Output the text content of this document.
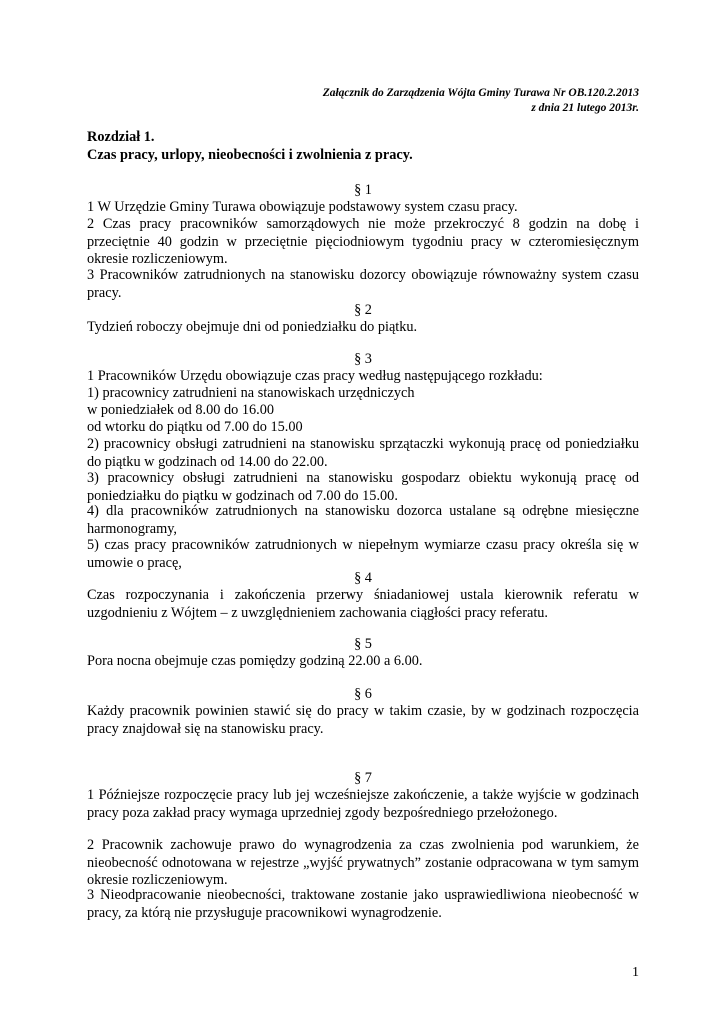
Załącznik do Zarządzenia Wójta Gminy Turawa Nr OB.120.2.2013
z dnia 21 lutego 2013r.
Rozdział 1.
Czas pracy, urlopy, nieobecności i zwolnienia z pracy.
§ 1
1 W Urzędzie Gminy Turawa obowiązuje podstawowy system czasu pracy.
2 Czas pracy pracowników samorządowych nie może przekroczyć 8 godzin na dobę i przeciętnie 40 godzin w przeciętnie pięciodniowym tygodniu pracy w czteromiesięcznym okresie rozliczeniowym.
3 Pracowników zatrudnionych na stanowisku dozorcy obowiązuje równoważny system czasu pracy.
§ 2
Tydzień roboczy obejmuje dni od poniedziałku do piątku.
§ 3
1 Pracowników Urzędu obowiązuje czas pracy według następującego rozkładu:
1) pracownicy zatrudnieni na stanowiskach urzędniczych
w poniedziałek od 8.00 do 16.00
od wtorku do piątku od 7.00 do 15.00
2) pracownicy obsługi zatrudnieni na stanowisku sprzątaczki wykonują pracę od poniedziałku do piątku w godzinach od 14.00 do 22.00.
3) pracownicy obsługi zatrudnieni na stanowisku gospodarz obiektu wykonują pracę od poniedziałku do piątku w godzinach od 7.00 do 15.00.
4) dla pracowników zatrudnionych na stanowisku dozorca ustalane są odrębne miesięczne harmonogramy,
5) czas pracy pracowników zatrudnionych w niepełnym wymiarze czasu pracy określa się w umowie o pracę,
§ 4
Czas rozpoczynania i zakończenia przerwy śniadaniowej ustala kierownik referatu w uzgodnieniu z Wójtem – z uwzględnieniem zachowania ciągłości pracy referatu.
§ 5
Pora nocna obejmuje czas pomiędzy godziną 22.00 a 6.00.
§ 6
Każdy pracownik powinien stawić się do pracy w takim czasie, by w godzinach rozpoczęcia pracy znajdował się na stanowisku pracy.
§ 7
1 Późniejsze rozpoczęcie pracy lub jej wcześniejsze zakończenie, a także wyjście w godzinach pracy poza zakład pracy wymaga uprzedniej zgody bezpośredniego przełożonego.
2 Pracownik zachowuje prawo do wynagrodzenia za czas zwolnienia pod warunkiem, że nieobecność odnotowana w rejestrze „wyjść prywatnych” zostanie odpracowana w tym samym okresie rozliczeniowym.
3 Nieodpracowanie nieobecności, traktowane zostanie jako usprawiedliwiona nieobecność w pracy, za którą nie przysługuje pracownikowi wynagrodzenie.
1
